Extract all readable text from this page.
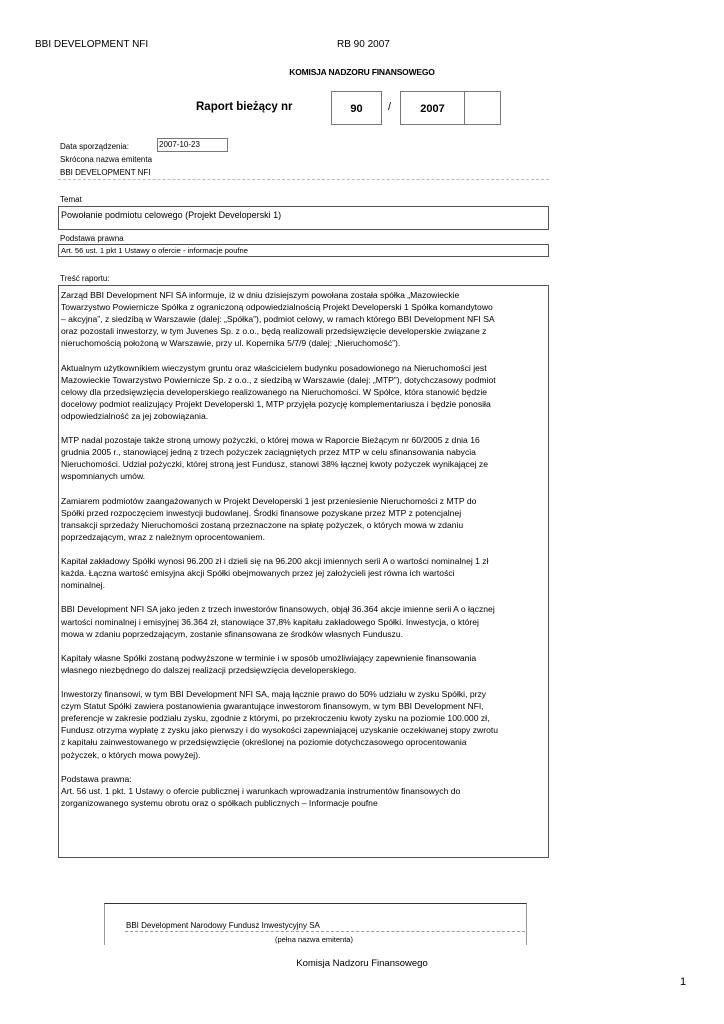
BBI DEVELOPMENT NFI	RB 90 2007
KOMISJA NADZORU FINANSOWEGO
Raport bieżący nr	90	/	2007
Data sporządzenia:	2007-10-23
Skrócona nazwa emitenta
BBI DEVELOPMENT NFI
Temat
Powołanie podmiotu celowego (Projekt Developerski 1)
Podstawa prawna
Art. 56 ust. 1 pkt 1 Ustawy o ofercie - informacje poufne
Treść raportu:

Zarząd BBI Development NFI SA informuje, iż w dniu dzisiejszym powołana została spółka „Mazowieckie
Towarzystwo Powiernicze Spółka z ograniczoną odpowiedzialnością Projekt Developerski 1 Spółka komandytowo
– akcyjna”, z siedzibą w Warszawie (dalej: „Spółka”), podmiot celowy, w ramach którego BBI Development NFI SA
oraz pozostali inwestorzy, w tym Juvenes Sp. z o.o., będą realizowali przedsięwzięcie developerskie związane z
nieruchomością położoną w Warszawie, przy ul. Kopernika 5/7/9 (dalej: „Nieruchomość”).

Aktualnym użytkownikiem wieczystym gruntu oraz właścicielem budynku posadowionego na Nieruchomości jest
Mazowieckie Towarzystwo Powiernicze Sp. z o.o., z siedzibą w Warszawie (dalej: „MTP”), dotychczasowy podmiot
celowy dla przedsięwzięcia developerskiego realizowanego na Nieruchomości. W Spółce, która stanowić będzie
docelowy podmiot realizujący Projekt Developerski 1, MTP przyjęła pozycję komplementariusza i będzie ponosiła
odpowiedzialność za jej zobowiązania.

MTP nadal pozostaje także stroną umowy pożyczki, o której mowa w Raporcie Bieżącym nr 60/2005 z dnia 16
grudnia 2005 r., stanowiącej jedną z trzech pożyczek zaciągniętych przez MTP w celu sfinansowania nabycia
Nieruchomości. Udział pożyczki, której stroną jest Fundusz, stanowi 38% łącznej kwoty pożyczek wynikającej ze
wspomnianych umów.

Zamiarem podmiotów zaangażowanych w Projekt Developerski 1 jest przeniesienie Nieruchomości z MTP do
Spółki przed rozpoczęciem inwestycji budowlanej. Środki finansowe pozyskane przez MTP z potencjalnej
transakcji sprzedaży Nieruchomości zostaną przeznaczone na spłatę pożyczek, o których mowa w zdaniu
poprzedzającym, wraz z należnym oprocentowaniem.

Kapitał zakładowy Spółki wynosi 96.200 zł i dzieli się na 96.200 akcji imiennych serii A o wartości nominalnej 1 zł
każda. Łączna wartość emisyjna akcji Spółki obejmowanych przez jej założycieli jest równa ich wartości
nominalnej.

BBI Development NFI SA jako jeden z trzech inwestorów finansowych, objął 36.364 akcje imienne serii A o łącznej
wartości nominalnej i emisyjnej 36.364 zł, stanowiące 37,8% kapitału zakładowego Spółki. Inwestycja, o której
mowa w zdaniu poprzedzającym, zostanie sfinansowana ze środków własnych Funduszu.

Kapitały własne Spółki zostaną podwyższone w terminie i w sposób umożliwiający zapewnienie finansowania
własnego niezbędnego do dalszej realizacji przedsięwzięcia developerskiego.

Inwestorzy finansowi, w tym BBI Development NFI SA, mają łącznie prawo do 50% udziału w zysku Spółki, przy
czym Statut Spółki zawiera postanowienia gwarantujące inwestorom finansowym, w tym BBI Development NFI,
preferencje w zakresie podziału zysku, zgodnie z którymi, po przekroczeniu kwoty zysku na poziomie 100.000 zł,
Fundusz otrzyma wypłatę z zysku jako pierwszy i do wysokości zapewniającej uzyskanie oczekiwanej stopy zwrotu
z kapitału zainwestowanego w przedsięwzięcie (określonej na poziomie dotychczasowego oprocentowania
pożyczek, o których mowa powyżej).

Podstawa prawna:
Art. 56 ust. 1 pkt. 1 Ustawy o ofercie publicznej i warunkach wprowadzania instrumentów finansowych do
zorganizowanego systemu obrotu oraz o spółkach publicznych – Informacje poufne

BBI Development Narodowy Fundusz Inwestycyjny SA
(pełna nazwa emitenta)
Komisja Nadzoru Finansowego
1
